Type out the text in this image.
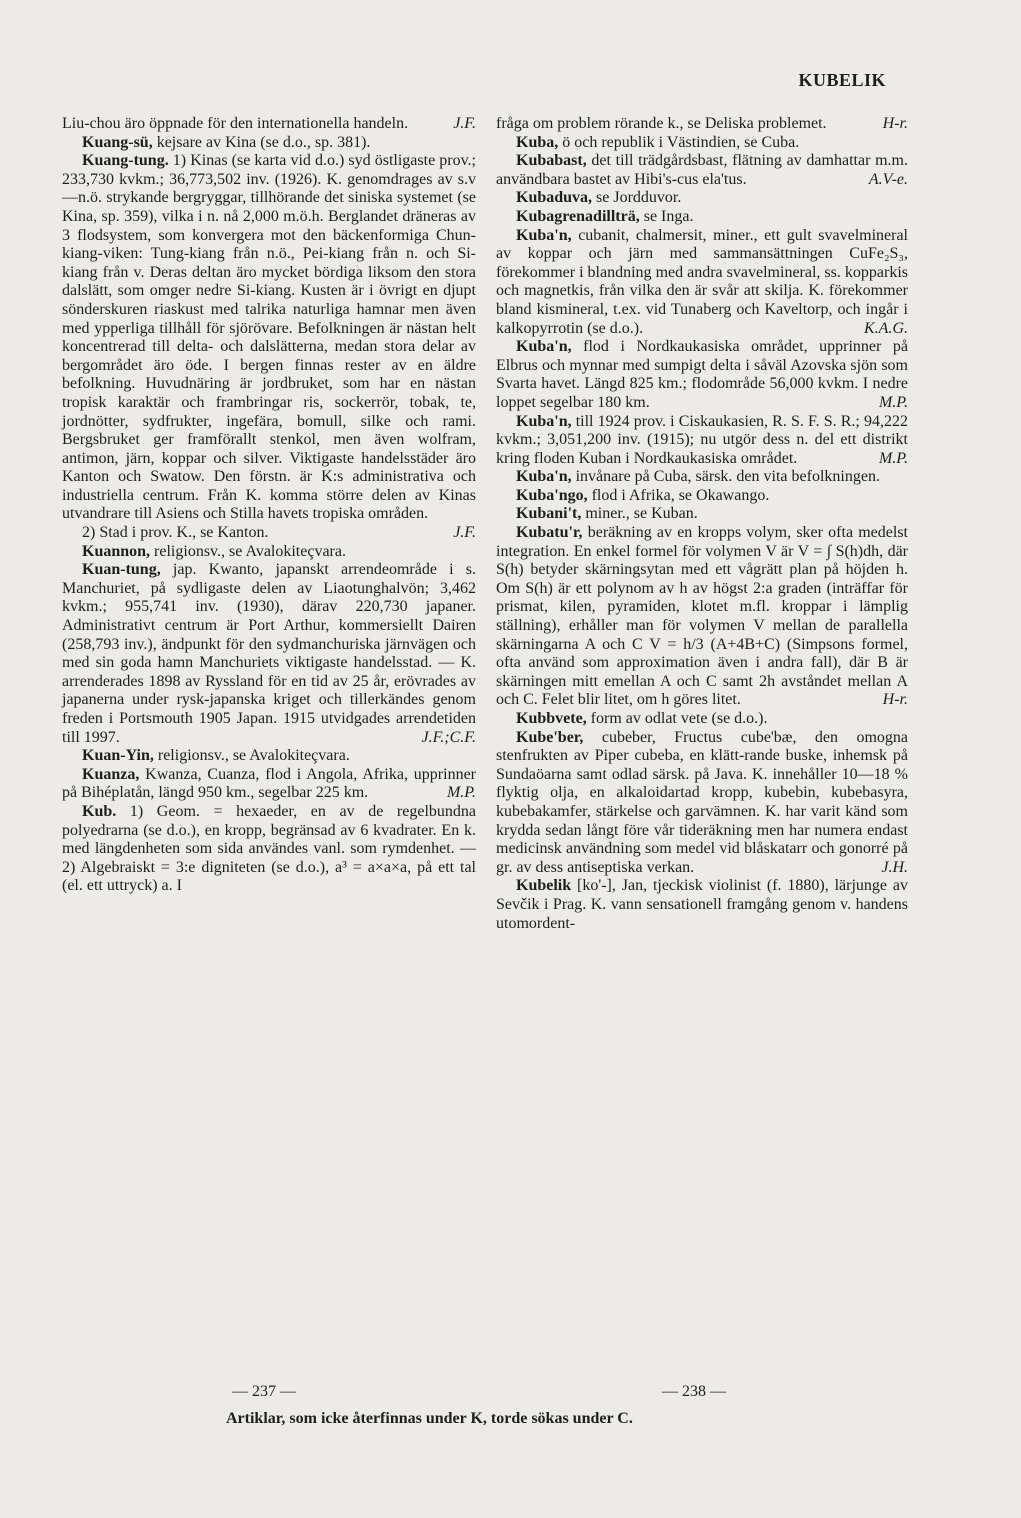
KUBELIK

Liu-chou äro öppnade för den internationella handeln.	J.F.

Kuang-sü, kejsare av Kina (se d.o., sp. 381).

Kuang-tung. 1) Kinas (se karta vid d.o.) syd östligaste prov.; 233,730 kvkm.; 36,773,502 inv. (1926). K. genomdrages av s.v—n.ö. strykande bergryggar, tillhörande det siniska systemet (se Kina, sp. 359), vilka i n. nå 2,000 m.ö.h. Berglandet dräneras av 3 flodsystem, som konvergera mot den bäckenformiga Chun-kiang-viken: Tung-kiang från n.ö., Pei-kiang från n. och Si-kiang från v. Deras deltan äro mycket bördiga liksom den stora dalslätt, som omger nedre Si-kiang. Kusten är i övrigt en djupt sönderskuren riaskust med talrika naturliga hamnar men även med ypperliga tillhåll för sjörövare. Befolkningen är nästan helt koncentrerad till delta- och dalslätterna, medan stora delar av bergområdet äro öde. I bergen finnas rester av en äldre befolkning. Huvudnäring är jordbruket, som har en nästan tropisk karaktär och frambringar ris, sockerrör, tobak, te, jordnötter, sydfrukter, ingefära, bomull, silke och rami. Bergsbruket ger framförallt stenkol, men även wolfram, antimon, järn, koppar och silver. Viktigaste handelsstäder äro Kanton och Swatow. Den förstn. är K:s administrativa och industriella centrum. Från K. komma större delen av Kinas utvandrare till Asiens och Stilla havets tropiska områden.
J.F.

2) Stad i prov. K., se Kanton.

Kuannon, religionsv., se Avalokiteçvara.

Kuan-tung, jap. Kwanto, japanskt arrendeområde i s. Manchuriet, på sydligaste delen av Liaotunghalvön; 3,462 kvkm.; 955,741 inv. (1930), därav 220,730 japaner. Administrativt centrum är Port Arthur, kommersiellt Dairen (258,793 inv.), ändpunkt för den sydmanchuriska järnvägen och med sin goda hamn Manchuriets viktigaste handelsstad. — K. arrenderades 1898 av Ryssland för en tid av 25 år, erövrades av japanerna under rysk-japanska kriget och tillerkändes genom freden i Portsmouth 1905 Japan. 1915 utvidgades arrendetiden till 1997.	J.F.;C.F.

Kuan-Yin, religionsv., se Avalokiteçvara.

Kuanza, Kwanza, Cuanza, flod i Angola, Afrika, upprinner på Bihéplatån, längd 950 km., segelbar 225 km.	M.P.

Kub. 1) Geom. = hexaeder, en av de regelbundna polyedrarna (se d.o.), en kropp, begränsad av 6 kvadrater. En k. med längdenheten som sida användes vanl. som rymdenhet. — 2) Algebraiskt = 3:e digniteten (se d.o.), a³ = a×a×a, på ett tal (el. ett uttryck) a. I

fråga om problem rörande k., se Deliska problemet.	H-r.

Kuba, ö och republik i Västindien, se Cuba.

Kubabast, det till trädgårdsbast, flätning av damhattar m.m. användbara bastet av Hibi's-cus ela'tus.	A.V-e.

Kubaduva, se Jordduvor.

Kubagrenadillträ, se Inga.

Kuba'n, cubanit, chalmersit, miner., ett gult svavelmineral av koppar och järn med sammansättningen CuFe₂S₃, förekommer i blandning med andra svavelmineral, ss. kopparkis och magnetkis, från vilka den är svår att skilja. K. förekommer bland kismineral, t.ex. vid Tunaberg och Kaveltorp, och ingår i kalkopyrrotin (se d.o.).	K.A.G.

Kuba'n, flod i Nordkaukasiska området, upprinner på Elbrus och mynnar med sumpigt delta i såväl Azovska sjön som Svarta havet. Längd 825 km.; flodområde 56,000 kvkm. I nedre loppet segelbar 180 km.	M.P.

Kuba'n, till 1924 prov. i Ciskaukasien, R. S. F. S. R.; 94,222 kvkm.; 3,051,200 inv. (1915); nu utgör dess n. del ett distrikt kring floden Kuban i Nordkaukasiska området.	M.P.

Kuba'n, invånare på Cuba, särsk. den vita befolkningen.

Kuba'ngo, flod i Afrika, se Okawango.

Kubani't, miner., se Kuban.

Kubatu'r, beräkning av en kropps volym, sker ofta medelst integration. En enkel formel för volymen V är V = ∫ S(h)dh, där S(h) betyder skärningsytan med ett vågrätt plan på höjden h. Om S(h) är ett polynom av h av högst 2:a graden (inträffar för prismat, kilen, pyramiden, klotet m.fl. kroppar i lämplig ställning), erhåller man för volymen V mellan de parallella skärningarna A och C V = h/3 (A+4B+C) (Simpsons formel, ofta använd som approximation även i andra fall), där B är skärningen mitt emellan A och C samt 2h avståndet mellan A och C. Felet blir litet, om h göres litet.	H-r.

Kubbvete, form av odlat vete (se d.o.).

Kube'ber, cubeber, Fructus cube'bæ, den omogna stenfrukten av Piper cubeba, en klätt-rande buske, inhemsk på Sundaöarna samt odlad särsk. på Java. K. innehåller 10—18 % flyktig olja, en alkaloidartad kropp, kubebin, kubebasyra, kubebakamfer, stärkelse och garvämnen. K. har varit känd som krydda sedan långt före vår tideräkning men har numera endast medicinsk användning som medel vid blåskatarr och gonorré på gr. av dess antiseptiska verkan.	J.H.

Kubelik [ko'-], Jan, tjeckisk violinist (f. 1880), lärjunge av Sevčik i Prag. K. vann sensationell framgång genom v. handens utomordent-

— 237 —	— 238 —
Artiklar, som icke återfinnas under K, torde sökas under C.
